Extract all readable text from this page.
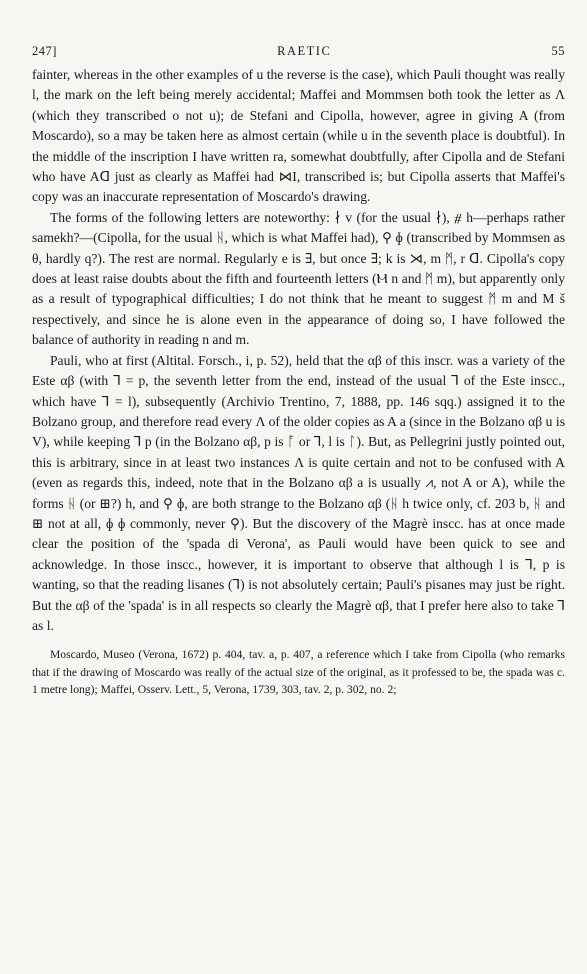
247]	RAETIC	55

fainter, whereas in the other examples of u the reverse is the case), which Pauli thought was really l, the mark on the left being merely accidental; Maffei and Mommsen both took the letter as Λ (which they transcribed o not u); de Stefani and Cipolla, however, agree in giving A (from Moscardo), so a may be taken here as almost certain (while u in the seventh place is doubtful). In the middle of the inscription I have written ra, somewhat doubtfully, after Cipolla and de Stefani who have Aᗡ just as clearly as Maffei had ⋈I, transcribed is; but Cipolla asserts that Maffei's copy was an inaccurate representation of Moscardo's drawing.

The forms of the following letters are noteworthy: ∤ v (for the usual ∤), ⧣ h—perhaps rather samekh?—(Cipolla, for the usual ᚺ, which is what Maffei had), ⚲ ɸ (transcribed by Mommsen as θ, hardly q?). The rest are normal. Regularly e is ∃, but once ∃; k is ⋊, m ᛗ, r ᗡ. Cipolla's copy does at least raise doubts about the fifth and fourteenth letters (Ⲙ n and ᛗ m), but apparently only as a result of typographical difficulties; I do not think that he meant to suggest ᛗ m and M š respectively, and since he is alone even in the appearance of doing so, I have followed the balance of authority in reading n and m.

Pauli, who at first (Altital. Forsch., i, p. 52), held that the αβ of this inscr. was a variety of the Este αβ (with ⅂ = p, the seventh letter from the end, instead of the usual ⅂ of the Este inscc., which have ⅂ = l), subsequently (Archivio Trentino, 7, 1888, pp. 146 sqq.) assigned it to the Bolzano group, and therefore read every Λ of the older copies as A a (since in the Bolzano αβ u is V), while keeping ⅂ p (in the Bolzano αβ, p is ᚪ or ⅂, l is ᛚ). But, as Pellegrini justly pointed out, this is arbitrary, since in at least two instances Λ is quite certain and not to be confused with A (even as regards this, indeed, note that in the Bolzano αβ a is usually ⩘, not A or A), while the forms ᚺ (or ⊞?) h, and ⚲ ɸ, are both strange to the Bolzano αβ (ᚺ h twice only, cf. 203 b, ᚺ and ⊞ not at all, ɸ ɸ commonly, never ⚲). But the discovery of the Magrè inscc. has at once made clear the position of the 'spada di Verona', as Pauli would have been quick to see and acknowledge. In those inscc., however, it is important to observe that although l is ⅂, p is wanting, so that the reading lisanes (⅂) is not absolutely certain; Pauli's pisanes may just be right. But the αβ of the 'spada' is in all respects so clearly the Magrè αβ, that I prefer here also to take ⅂ as l.

Moscardo, Museo (Verona, 1672) p. 404, tav. a, p. 407, a reference which I take from Cipolla (who remarks that if the drawing of Moscardo was really of the actual size of the original, as it professed to be, the spada was c. 1 metre long); Maffei, Osserv. Lett., 5, Verona, 1739, 303, tav. 2, p. 302, no. 2;
